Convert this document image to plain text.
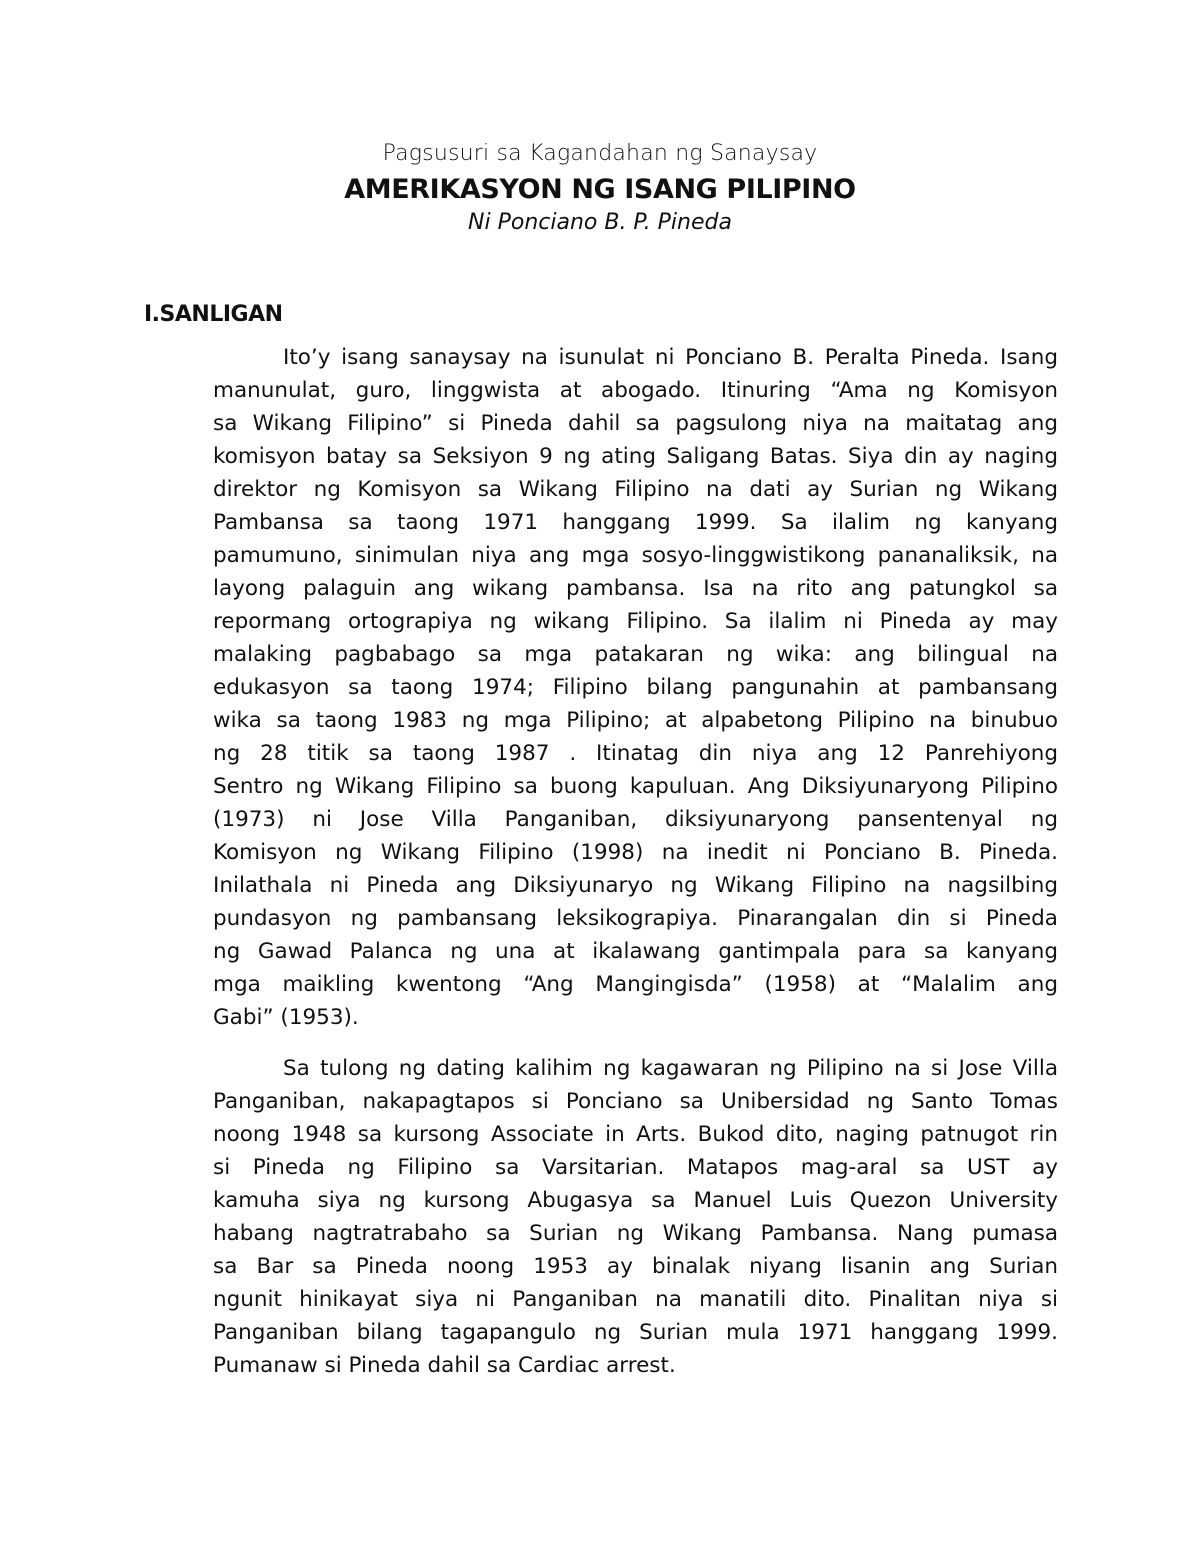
Pagsusuri sa Kagandahan ng Sanaysay
AMERIKASYON NG ISANG PILIPINO
Ni Ponciano B. P. Pineda
I.SANLIGAN
Ito’y isang sanaysay na isunulat ni Ponciano B. Peralta Pineda. Isang
manunulat, guro, linggwista at abogado. Itinuring “Ama ng Komisyon
sa Wikang Filipino” si Pineda dahil sa pagsulong niya na maitatag ang
komisyon batay sa Seksiyon 9 ng ating Saligang Batas. Siya din ay naging
direktor ng Komisyon sa Wikang Filipino na dati ay Surian ng Wikang
Pambansa sa taong 1971 hanggang 1999. Sa ilalim ng kanyang
pamumuno, sinimulan niya ang mga sosyo-linggwistikong pananaliksik, na
layong palaguin ang wikang pambansa. Isa na rito ang patungkol sa
repormang ortograpiya ng wikang Filipino. Sa ilalim ni Pineda ay may
malaking pagbabago sa mga patakaran ng wika: ang bilingual na
edukasyon sa taong 1974; Filipino bilang pangunahin at pambansang
wika sa taong 1983 ng mga Pilipino; at alpabetong Pilipino na binubuo
ng 28 titik sa taong 1987 . Itinatag din niya ang 12 Panrehiyong
Sentro ng Wikang Filipino sa buong kapuluan. Ang Diksiyunaryong Pilipino
(1973) ni Jose Villa Panganiban, diksiyunaryong pansentenyal ng
Komisyon ng Wikang Filipino (1998) na inedit ni Ponciano B. Pineda.
Inilathala ni Pineda ang Diksiyunaryo ng Wikang Filipino na nagsilbing
pundasyon ng pambansang leksikograpiya. Pinarangalan din si Pineda
ng Gawad Palanca ng una at ikalawang gantimpala para sa kanyang
mga maikling kwentong “Ang Mangingisda” (1958) at “Malalim ang
Gabi” (1953).
Sa tulong ng dating kalihim ng kagawaran ng Pilipino na si Jose Villa
Panganiban, nakapagtapos si Ponciano sa Unibersidad ng Santo Tomas
noong 1948 sa kursong Associate in Arts. Bukod dito, naging patnugot rin
si Pineda ng Filipino sa Varsitarian. Matapos mag-aral sa UST ay
kamuha siya ng kursong Abugasya sa Manuel Luis Quezon University
habang nagtratrabaho sa Surian ng Wikang Pambansa. Nang pumasa
sa Bar sa Pineda noong 1953 ay binalak niyang lisanin ang Surian
ngunit hinikayat siya ni Panganiban na manatili dito. Pinalitan niya si
Panganiban bilang tagapangulo ng Surian mula 1971 hanggang 1999.
Pumanaw si Pineda dahil sa Cardiac arrest.
